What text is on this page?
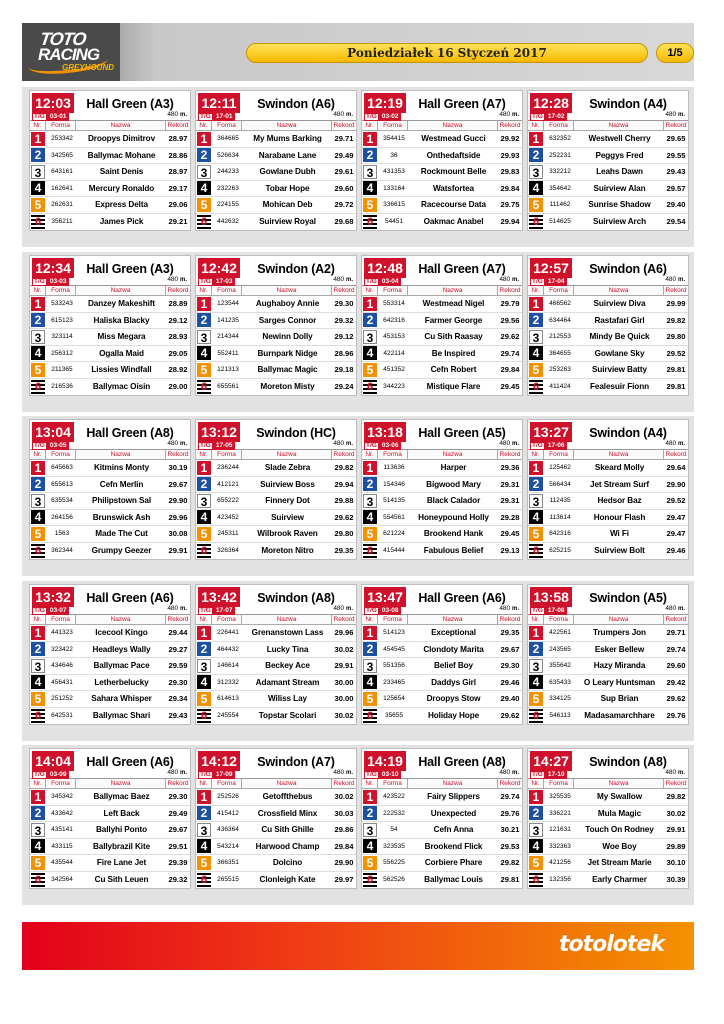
TOTO
RACING
GREYHOUND
Poniedziałek 16 Styczeń 2017	1/5
12:03
T/G 03-01
Hall Green (A3)
480 m.
Nr.	Forma	Nazwa	Rekord
1	253342	Droopys Dimitrov	28.97
2	342565	Ballymac Mohane	28.86
3	643161	Saint Denis	28.97
4	162641	Mercury Ronaldo	29.17
5	262631	Express Delta	29.06
6	356211	James Pick	29.21
12:11
T/G 17-01
Swindon (A6)
480 m.
Nr.	Forma	Nazwa	Rekord
1	364665	My Mums Barking	29.71
2	526634	Narabane Lane	29.49
3	244233	Gowlane Dubh	29.61
4	232263	Tobar Hope	29.60
5	224155	Mohican Deb	29.72
6	442632	Suirview Royal	29.68
12:19
T/G 03-02
Hall Green (A7)
480 m.
Nr.	Forma	Nazwa	Rekord
1	354415	Westmead Gucci	29.92
2	36	Onthedaftside	29.93
3	431353	Rockmount Belle	29.83
4	133164	Watsfortea	29.84
5	336615	Racecourse Data	29.75
6	54451	Oakmac Anabel	29.94
12:28
T/G 17-02
Swindon (A4)
480 m.
Nr.	Forma	Nazwa	Rekord
1	632352	Westwell Cherry	29.65
2	252231	Peggys Fred	29.55
3	332212	Leahs Dawn	29.43
4	354642	Suirview Alan	29.57
5	111462	Sunrise Shadow	29.40
6	514625	Suirview Arch	29.54
12:34
T/G 03-03
Hall Green (A3)
480 m.
Nr.	Forma	Nazwa	Rekord
1	533243	Danzey Makeshift	28.89
2	615123	Haliska Blacky	29.12
3	323114	Miss Megara	28.93
4	256312	Ogalla Maid	29.05
5	211365	Lissies Windfall	28.92
6	216536	Ballymac Oisin	29.00
12:42
T/G 17-03
Swindon (A2)
480 m.
Nr.	Forma	Nazwa	Rekord
1	123544	Aughaboy Annie	29.30
2	141235	Sarges Connor	29.32
3	214344	Newinn Dolly	29.12
4	552411	Burnpark Nidge	28.96
5	121313	Ballymac Magic	29.18
6	655561	Moreton Misty	29.24
12:48
T/G 03-04
Hall Green (A7)
480 m.
Nr.	Forma	Nazwa	Rekord
1	553314	Westmead Nigel	29.79
2	642316	Farmer George	29.56
3	453153	Cu Sith Raasay	29.62
4	422114	Be Inspired	29.74
5	451352	Cefn Robert	29.84
6	344223	Mistique Flare	29.45
12:57
T/G 17-04
Swindon (A6)
480 m.
Nr.	Forma	Nazwa	Rekord
1	466562	Suirview Diva	29.99
2	634464	Rastafari Girl	29.82
3	212553	Mindy Be Quick	29.80
4	364655	Gowlane Sky	29.52
5	253263	Suirview Batty	29.81
6	411424	Fealesuir Fionn	29.81
13:04
T/G 03-05
Hall Green (A8)
480 m.
Nr.	Forma	Nazwa	Rekord
1	645663	Kitmins Monty	30.19
2	655613	Cefn Merlin	29.67
3	635534	Philipstown Sal	29.90
4	264156	Brunswick Ash	29.96
5	1563	Made The Cut	30.08
6	362344	Grumpy Geezer	29.91
13:12
T/G 17-05
Swindon (HC)
480 m.
Nr.	Forma	Nazwa	Rekord
1	236244	Slade Zebra	29.82
2	412121	Suirview Boss	29.94
3	655222	Finnery Dot	29.88
4	423452	Suirview	29.62
5	245311	Wilbrook Raven	29.80
6	326364	Moreton Nitro	29.35
13:18
T/G 03-06
Hall Green (A5)
480 m.
Nr.	Forma	Nazwa	Rekord
1	113636	Harper	29.36
2	154346	Bigwood Mary	29.31
3	514135	Black Calador	29.31
4	554561	Honeypound Holly	29.28
5	621224	Brookend Hank	29.45
6	415444	Fabulous Belief	29.13
13:27
T/G 17-06
Swindon (A4)
480 m.
Nr.	Forma	Nazwa	Rekord
1	125462	Skeard Molly	29.64
2	566434	Jet Stream Surf	29.90
3	112435	Hedsor Baz	29.52
4	113614	Honour Flash	29.47
5	642316	Wi Fi	29.47
6	625215	Suirview Bolt	29.46
13:32
T/G 03-07
Hall Green (A6)
480 m.
Nr.	Forma	Nazwa	Rekord
1	441323	Icecool Kingo	29.44
2	323422	Headleys Wally	29.27
3	434646	Ballymac Pace	29.59
4	456431	Letherbelucky	29.30
5	251252	Sahara Whisper	29.34
6	642531	Ballymac Shari	29.43
13:42
T/G 17-07
Swindon (A8)
480 m.
Nr.	Forma	Nazwa	Rekord
1	226441	Grenanstown Lass	29.96
2	464432	Lucky Tina	30.02
3	146614	Beckey Ace	29.91
4	312332	Adamant Stream	30.00
5	614613	Wiliss Lay	30.00
6	245554	Topstar Scolari	30.02
13:47
T/G 03-08
Hall Green (A6)
480 m.
Nr.	Forma	Nazwa	Rekord
1	514123	Exceptional	29.35
2	454545	Clondoty Marita	29.67
3	551356	Belief Boy	29.30
4	233465	Daddys Girl	29.46
5	125654	Droopys Stow	29.40
6	35655	Holiday Hope	29.62
13:58
T/G 17-08
Swindon (A5)
480 m.
Nr.	Forma	Nazwa	Rekord
1	422561	Trumpers Jon	29.71
2	243565	Esker Bellew	29.74
3	355642	Hazy Miranda	29.60
4	635433	O Leary Huntsman	29.42
5	334125	Sup Brian	29.62
6	546113	Madasamarchhare	29.76
14:04
T/G 03-09
Hall Green (A6)
480 m.
Nr.	Forma	Nazwa	Rekord
1	345342	Ballymac Baez	29.30
2	433642	Left Back	29.49
3	435141	Ballyhi Ponto	29.67
4	433115	Ballybrazil Kite	29.51
5	435544	Fire Lane Jet	29.39
6	342564	Cu Sith Leuen	29.32
14:12
T/G 17-09
Swindon (A7)
480 m.
Nr.	Forma	Nazwa	Rekord
1	252526	Getoffthebus	30.02
2	415412	Crossfield Minx	30.03
3	436364	Cu Sith Ghille	29.86
4	543214	Harwood Champ	29.84
5	366351	Dolcino	29.90
6	265515	Clonleigh Kate	29.97
14:19
T/G 03-10
Hall Green (A8)
480 m.
Nr.	Forma	Nazwa	Rekord
1	423522	Fairy Slippers	29.74
2	222532	Unexpected	29.76
3	54	Cefn Anna	30.21
4	323535	Brookend Flick	29.53
5	556225	Corbiere Phare	29.82
6	562526	Ballymac Louis	29.81
14:27
T/G 17-10
Swindon (A8)
480 m.
Nr.	Forma	Nazwa	Rekord
1	325535	My Swallow	29.82
2	336221	Mula Magic	30.02
3	121631	Touch On Rodney	29.91
4	332363	Woe Boy	29.89
5	421256	Jet Stream Marie	30.10
6	132356	Early Charmer	30.39
totolotek
